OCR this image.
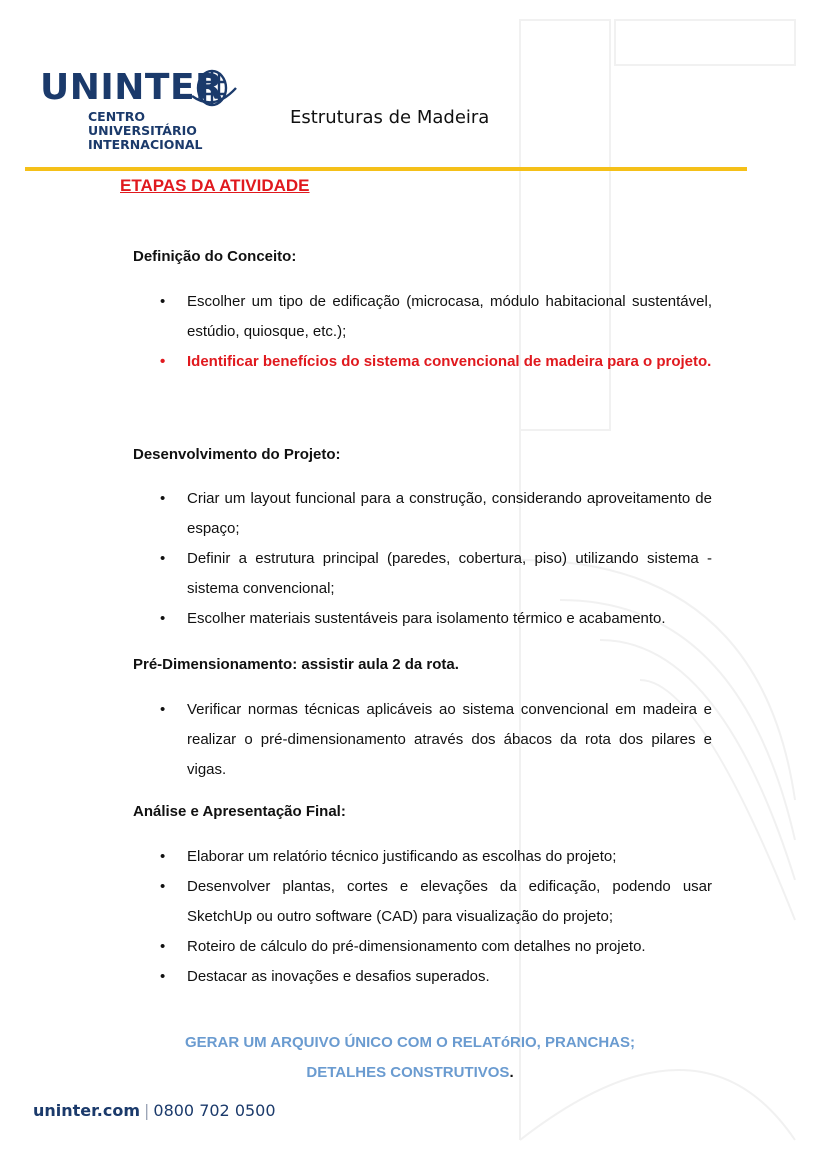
UNINTER
CENTRO
UNIVERSITÁRIO
INTERNACIONAL
Estruturas de Madeira
ETAPAS DA ATIVIDADE
Definição do Conceito:
• Escolher um tipo de edificação (microcasa, módulo habitacional sustentável, estúdio, quiosque, etc.);
• Identificar benefícios do sistema convencional de madeira para o projeto.
Desenvolvimento do Projeto:
• Criar um layout funcional para a construção, considerando aproveitamento de espaço;
• Definir a estrutura principal (paredes, cobertura, piso) utilizando sistema - sistema convencional;
• Escolher materiais sustentáveis para isolamento térmico e acabamento.
Pré-Dimensionamento: assistir aula 2 da rota.
• Verificar normas técnicas aplicáveis ao sistema convencional em madeira e realizar o pré-dimensionamento através dos ábacos da rota dos pilares e vigas.
Análise e Apresentação Final:
• Elaborar um relatório técnico justificando as escolhas do projeto;
• Desenvolver plantas, cortes e elevações da edificação, podendo usar SketchUp ou outro software (CAD) para visualização do projeto;
• Roteiro de cálculo do pré-dimensionamento com detalhes no projeto.
• Destacar as inovações e desafios superados.
GERAR UM ARQUIVO ÚNICO COM O RELATóRIO, PRANCHAS;
DETALHES CONSTRUTIVOS.
uninter.com | 0800 702 0500
